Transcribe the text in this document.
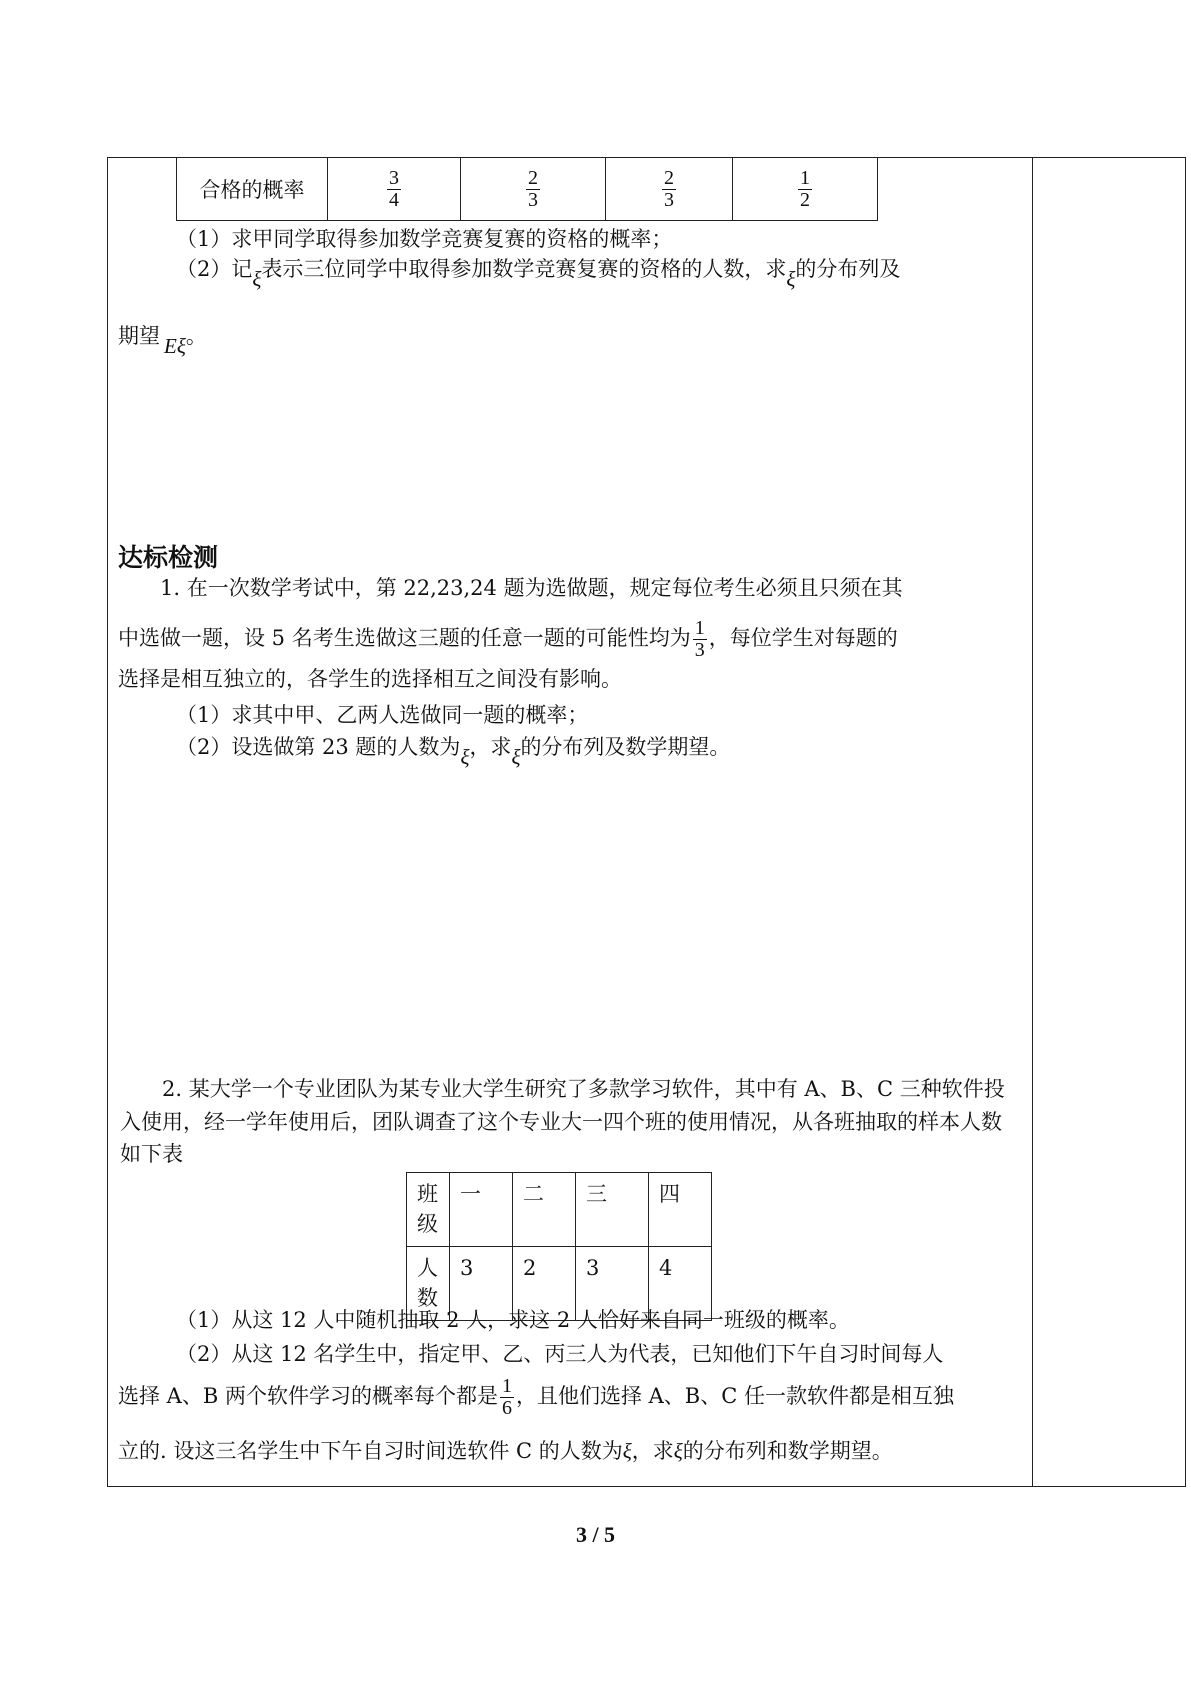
合格的概率	$\frac{3}{4}$	$\frac{2}{3}$	$\frac{2}{3}$	$\frac{1}{2}$
（1）求甲同学取得参加数学竞赛复赛的资格的概率；
（2）记ξ表示三位同学中取得参加数学竞赛复赛的资格的人数，求ξ的分布列及
期望 Eξ。
达标检测
1. 在一次数学考试中，第 22,23,24 题为选做题，规定每位考生必须且只须在其
中选做一题，设 5 名考生选做这三题的任意一题的可能性均为 $\frac{1}{3}$ ，每位学生对每题的
选择是相互独立的，各学生的选择相互之间没有影响。
（1）求其中甲、乙两人选做同一题的概率；
（2）设选做第 23 题的人数为ξ，求ξ的分布列及数学期望。
2. 某大学一个专业团队为某专业大学生研究了多款学习软件，其中有 A、B、C 三种软件投入使用，经一学年使用后，团队调查了这个专业大一四个班的使用情况，从各班抽取的样本人数如下表
班级	一	二	三	四
人数	3	2	3	4
（1）从这 12 人中随机抽取 2 人，求这 2 人恰好来自同一班级的概率。
（2）从这 12 名学生中，指定甲、乙、丙三人为代表，已知他们下午自习时间每人
选择 A、B 两个软件学习的概率每个都是 $\frac{1}{6}$ ，且他们选择 A、B、C 任一款软件都是相互独
立的. 设这三名学生中下午自习时间选软件 C 的人数为ξ，求ξ的分布列和数学期望。
3 / 5
